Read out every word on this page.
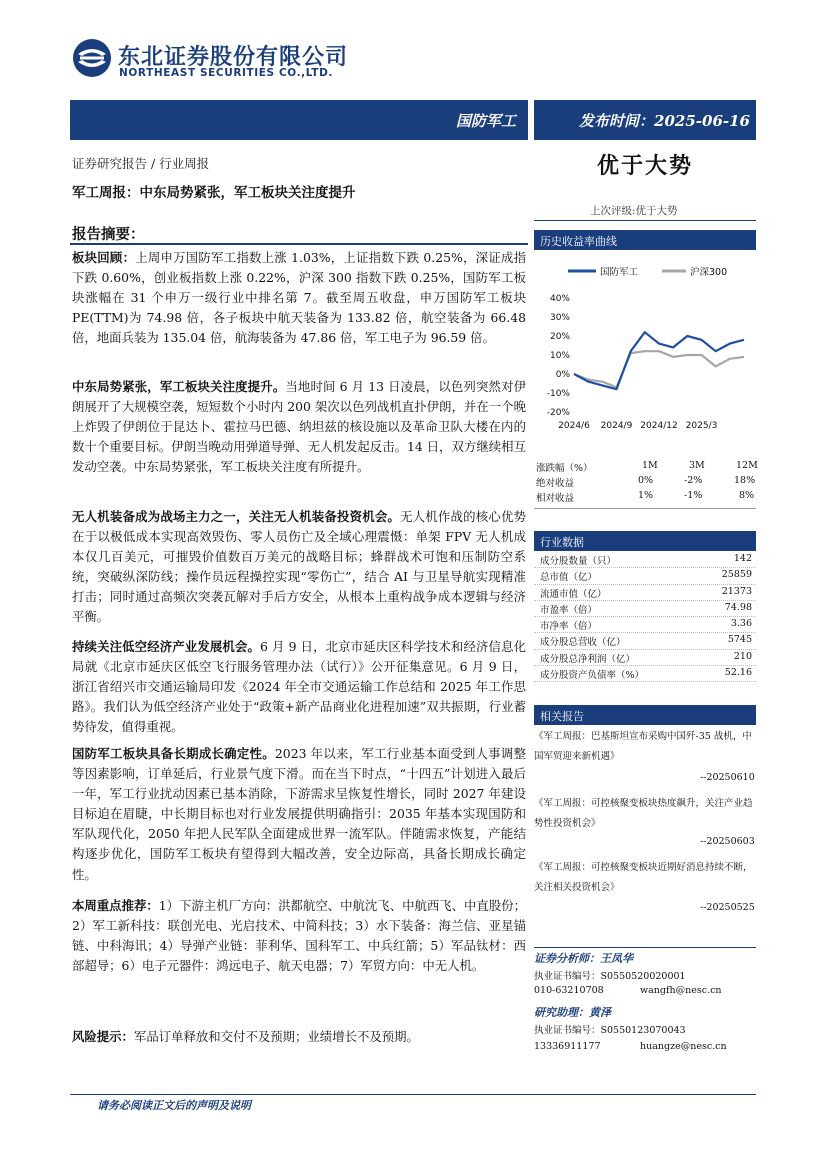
东北证券股份有限公司
NORTHEAST SECURITIES CO.,LTD.
国防军工	发布时间：2025-06-16
证券研究报告 / 行业周报
军工周报：中东局势紧张，军工板块关注度提升
优于大势
上次评级:优于大势
报告摘要：
板块回顾：上周申万国防军工指数上涨 1.03%，上证指数下跌 0.25%，深证成指下跌 0.60%，创业板指数上涨 0.22%，沪深 300 指数下跌 0.25%，国防军工板块涨幅在 31 个申万一级行业中排名第 7。截至周五收盘，申万国防军工板块 PE(TTM)为 74.98 倍，各子板块中航天装备为 133.82 倍，航空装备为 66.48 倍，地面兵装为 135.04 倍，航海装备为 47.86 倍，军工电子为 96.59 倍。
中东局势紧张，军工板块关注度提升。当地时间 6 月 13 日凌晨，以色列突然对伊朗展开了大规模空袭，短短数个小时内 200 架次以色列战机直扑伊朗，并在一个晚上炸毁了伊朗位于昆达卜、霍拉马巴德、纳坦兹的核设施以及革命卫队大楼在内的数十个重要目标。伊朗当晚动用弹道导弹、无人机发起反击。14 日，双方继续相互发动空袭。中东局势紧张，军工板块关注度有所提升。
无人机装备成为战场主力之一，关注无人机装备投资机会。无人机作战的核心优势在于以极低成本实现高效毁伤、零人员伤亡及全域心理震慑：单架 FPV 无人机成本仅几百美元，可摧毁价值数百万美元的战略目标；蜂群战术可饱和压制防空系统，突破纵深防线；操作员远程操控实现“零伤亡”，结合 AI 与卫星导航实现精准打击；同时通过高频次突袭瓦解对手后方安全，从根本上重构战争成本逻辑与经济平衡。
持续关注低空经济产业发展机会。6 月 9 日，北京市延庆区科学技术和经济信息化局就《北京市延庆区低空飞行服务管理办法（试行）》公开征集意见。6 月 9 日，浙江省绍兴市交通运输局印发《2024 年全市交通运输工作总结和 2025 年工作思路》。我们认为低空经济产业处于“政策+新产品商业化进程加速”双共振期，行业蓄势待发，值得重视。
国防军工板块具备长期成长确定性。2023 年以来，军工行业基本面受到人事调整等因素影响，订单延后，行业景气度下滑。而在当下时点，“十四五”计划进入最后一年，军工行业扰动因素已基本消除，下游需求呈恢复性增长，同时 2027 年建设目标迫在眉睫，中长期目标也对行业发展提供明确指引：2035 年基本实现国防和军队现代化，2050 年把人民军队全面建成世界一流军队。伴随需求恢复，产能结构逐步优化，国防军工板块有望得到大幅改善，安全边际高，具备长期成长确定性。
本周重点推荐：1）下游主机厂方向：洪都航空、中航沈飞、中航西飞、中直股份；2）军工新科技：联创光电、光启技术、中简科技；3）水下装备：海兰信、亚星锚链、中科海讯；4）导弹产业链：菲利华、国科军工、中兵红箭；5）军品钛材：西部超导；6）电子元器件：鸿远电子、航天电器；7）军贸方向：中无人机。
风险提示：军品订单释放和交付不及预期；业绩增长不及预期。
历史收益率曲线
国防军工	沪深300
40%
30%
20%
10%
0%
-10%
-20%
2024/6 2024/9 2024/12 2025/3
涨跌幅（%）	1M	3M	12M
绝对收益	0%	-2%	18%
相对收益	1%	-1%	8%
行业数据
成分股数量（只）	142
总市值（亿）	25859
流通市值（亿）	21373
市盈率（倍）	74.98
市净率（倍）	3.36
成分股总营收（亿）	5745
成分股总净利润（亿）	210
成分股资产负债率（%）	52.16
相关报告
《军工周报：巴基斯坦宣布采购中国歼-35 战机，中国军贸迎来新机遇》
--20250610
《军工周报：可控核聚变板块热度飙升，关注产业趋势性投资机会》
--20250603
《军工周报：可控核聚变板块近期好消息持续不断，关注相关投资机会》
--20250525
证券分析师：王凤华
执业证书编号：S0550520020001
010-63210708	wangfh@nesc.cn
研究助理：黄泽
执业证书编号：S0550123070043
13336911177	huangze@nesc.cn
请务必阅读正文后的声明及说明
